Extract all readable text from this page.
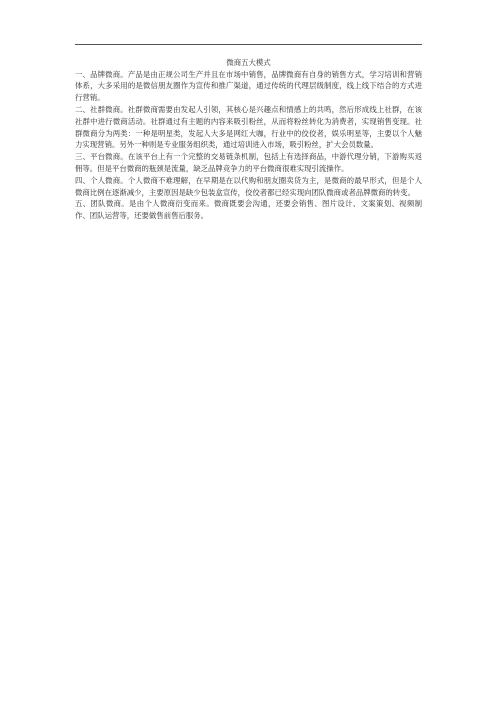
微商五大模式

一、品牌微商。产品是由正规公司生产并且在市场中销售，品牌微商有自身的销售方式，学习培训和营销体系，大多采用的是微信朋友圈作为宣传和推广渠道，通过传统的代理层级制度，线上线下结合的方式进行营销。

二、社群微商。社群微商需要由发起人引领，其核心是兴趣点和情感上的共鸣，然后形成线上社群，在该社群中进行微商活动。社群通过有主题的内容来吸引粉丝，从而将粉丝转化为消费者，实现销售变现。社群微商分为两类：一种是明星类，发起人大多是网红大咖，行业中的佼佼者，娱乐明星等，主要以个人魅力实现营销。另外一种则是专业服务组织类，通过培训进入市场，吸引粉丝，扩大会员数量。

三、平台微商。在该平台上有一个完整的交易链条机制，包括上有选择商品，中游代理分销，下游购买返佣等。但是平台微商的瓶颈是流量，缺乏品牌竞争力的平台微商很难实现引流操作。

四、个人微商。个人微商不难理解，在早期是在以代购和朋友圈卖货为主，是微商的最早形式，但是个人微商比例在逐渐减少，主要原因是缺少包装盒宣传，佼佼者都已经实现向团队微商或者品牌微商的转变。

五、团队微商。是由个人微商衍变而来。微商既要会沟通，还要会销售、图片设计、文案策划、视频制作、团队运营等，还要做售前售后服务。
